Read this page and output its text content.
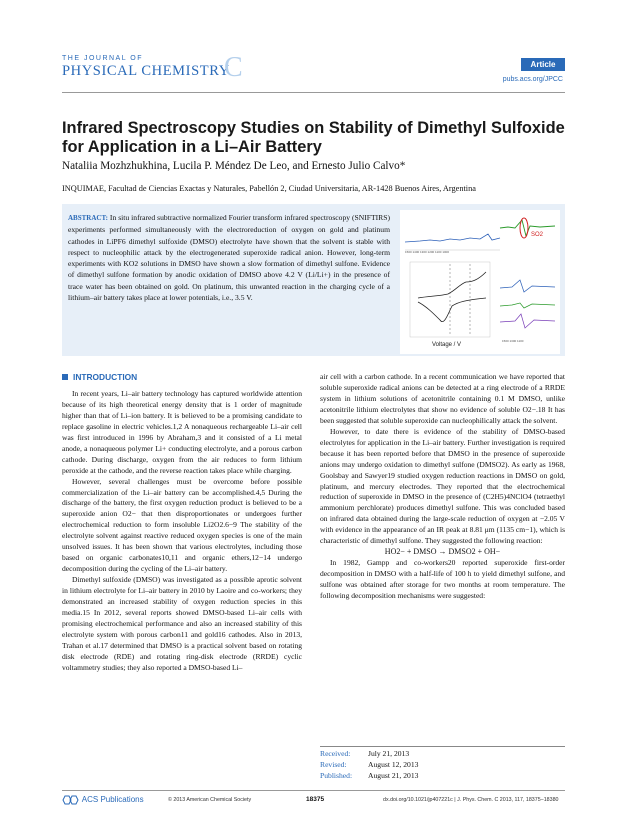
THE JOURNAL OF
PHYSICAL CHEMISTRY
C	Article
pubs.acs.org/JPCC
Infrared Spectroscopy Studies on Stability of Dimethyl Sulfoxide for Application in a Li–Air Battery
Nataliia Mozhzhukhina, Lucila P. Méndez De Leo, and Ernesto Julio Calvo*
INQUIMAE, Facultad de Ciencias Exactas y Naturales, Pabellón 2, Ciudad Universitaria, AR-1428 Buenos Aires, Argentina
ABSTRACT: In situ infrared subtractive normalized Fourier transform infrared spectroscopy (SNIFTIRS) experiments performed simultaneously with the electroreduction of oxygen on gold and platinum cathodes in LiPF6 dimethyl sulfoxide (DMSO) electrolyte have shown that the solvent is stable with respect to nucleophilic attack by the electrogenerated superoxide radical anion. However, long-term experiments with KO2 solutions in DMSO have shown a slow formation of dimethyl sulfone. Evidence of dimethyl sulfone formation by anodic oxidation of DMSO above 4.2 V (Li/Li+) in the presence of trace water has been obtained on gold. On platinum, this unwanted reaction in the charging cycle of a lithium–air battery takes place at lower potentials, i.e., 3.5 V.
SO2
1500 1400 1300 1200 1100 1000
Voltage / V
1500 1300 1100
INTRODUCTION

In recent years, Li–air battery technology has captured worldwide attention because of its high theoretical energy density that is 1 order of magnitude higher than that of Li–ion battery. It is believed to be a promising candidate to replace gasoline in electric vehicles.1,2 A nonaqueous rechargeable Li–air cell was first introduced in 1996 by Abraham,3 and it consisted of a Li metal anode, a nonaqueous polymer Li+ conducting electrolyte, and a porous carbon cathode. During discharge, oxygen from the air reduces to form lithium peroxide at the cathode, and the reverse reaction takes place while charging.

However, several challenges must be overcome before possible commercialization of the Li–air battery can be accomplished.4,5 During the discharge of the battery, the first oxygen reduction product is believed to be a superoxide anion O2− that then disproportionates or undergoes further electrochemical reduction to form insoluble Li2O2.6−9 The stability of the electrolyte solvent against reactive reduced oxygen species is one of the main unsolved issues. It has been shown that various electrolytes, including those based on organic carbonates10,11 and organic ethers,12−14 undergo decomposition during the cycling of the Li–air battery.

Dimethyl sulfoxide (DMSO) was investigated as a possible aprotic solvent in lithium electrolyte for Li–air battery in 2010 by Laoire and co-workers; they demonstrated an increased stability of oxygen reduction species in this media.15 In 2012, several reports showed DMSO-based Li–air cells with promising electrochemical performance and also an increased stability of this electrolyte system with porous carbon11 and gold16 cathodes. Also in 2013, Trahan et al.17 determined that DMSO is a practical solvent based on rotating disk electrode (RDE) and rotating ring-disk electrode (RRDE) cyclic voltammetry studies; they also reported a DMSO-based Li–

air cell with a carbon cathode. In a recent communication we have reported that soluble superoxide radical anions can be detected at a ring electrode of a RRDE system in lithium solutions of acetonitrile containing 0.1 M DMSO, unlike acetonitrile lithium electrolytes that show no evidence of soluble O2−.18 It has been suggested that soluble superoxide can nucleophilically attack the solvent.

However, to date there is evidence of the stability of DMSO-based electrolytes for application in the Li–air battery. Further investigation is required because it has been reported before that DMSO in the presence of superoxide anions may undergo oxidation to dimethyl sulfone (DMSO2). As early as 1968, Goolsbay and Sawyer19 studied oxygen reduction reactions in DMSO on gold, platinum, and mercury electrodes. They reported that the electrochemical reduction of superoxide in DMSO in the presence of (C2H5)4NClO4 (tetraethyl ammonium perchlorate) produces dimethyl sulfone. This was concluded based on infrared data obtained during the large-scale reduction of oxygen at −2.05 V with evidence in the appearance of an IR peak at 8.81 μm (1135 cm−1), which is characteristic of dimethyl sulfone. They suggested the following reaction:

HO2− + DMSO → DMSO2 + OH−

In 1982, Gampp and co-workers20 reported superoxide first-order decomposition in DMSO with a half-life of 100 h to yield dimethyl sulfone, and sulfone was obtained after storage for two months at room temperature. The following decomposition mechanisms were suggested:

Received: July 21, 2013
Revised:	August 12, 2013
Published: August 21, 2013
ACS Publications	© 2013 American Chemical Society	18375	dx.doi.org/10.1021/jp407221c | J. Phys. Chem. C 2013, 117, 18375−18380
